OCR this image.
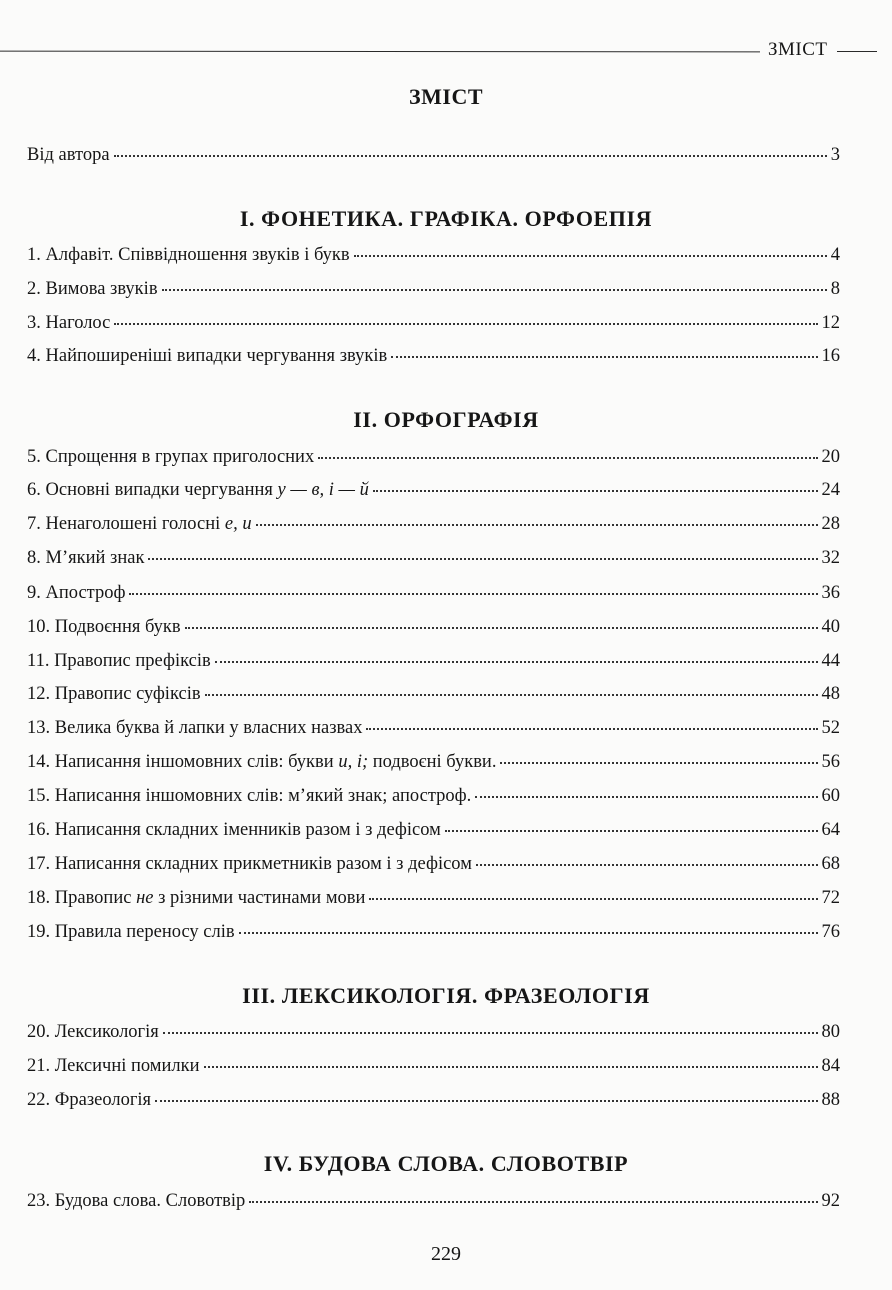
ЗМІСТ
ЗМІСТ
Від автора	3
І. ФОНЕТИКА. ГРАФІКА. ОРФОЕПІЯ
1. Алфавіт. Співвідношення звуків і букв	4
2. Вимова звуків	8
3. Наголос	12
4. Найпоширеніші випадки чергування звуків	16
ІІ. ОРФОГРАФІЯ
5. Спрощення в групах приголосних	20
6. Основні випадки чергування у — в, і — й	24
7. Ненаголошені голосні е, и	28
8. М’який знак	32
9. Апостроф	36
10. Подвоєння букв	40
11. Правопис префіксів	44
12. Правопис суфіксів	48
13. Велика буква й лапки у власних назвах	52
14. Написання іншомовних слів: букви и, і; подвоєні букви.	56
15. Написання іншомовних слів: м’який знак; апостроф.	60
16. Написання складних іменників разом і з дефісом	64
17. Написання складних прикметників разом і з дефісом	68
18. Правопис не з різними частинами мови	72
19. Правила переносу слів	76
ІІІ. ЛЕКСИКОЛОГІЯ. ФРАЗЕОЛОГІЯ
20. Лексикологія	80
21. Лексичні помилки	84
22. Фразеологія	88
IV. БУДОВА СЛОВА. СЛОВОТВІР
23. Будова слова. Словотвір	92
229
